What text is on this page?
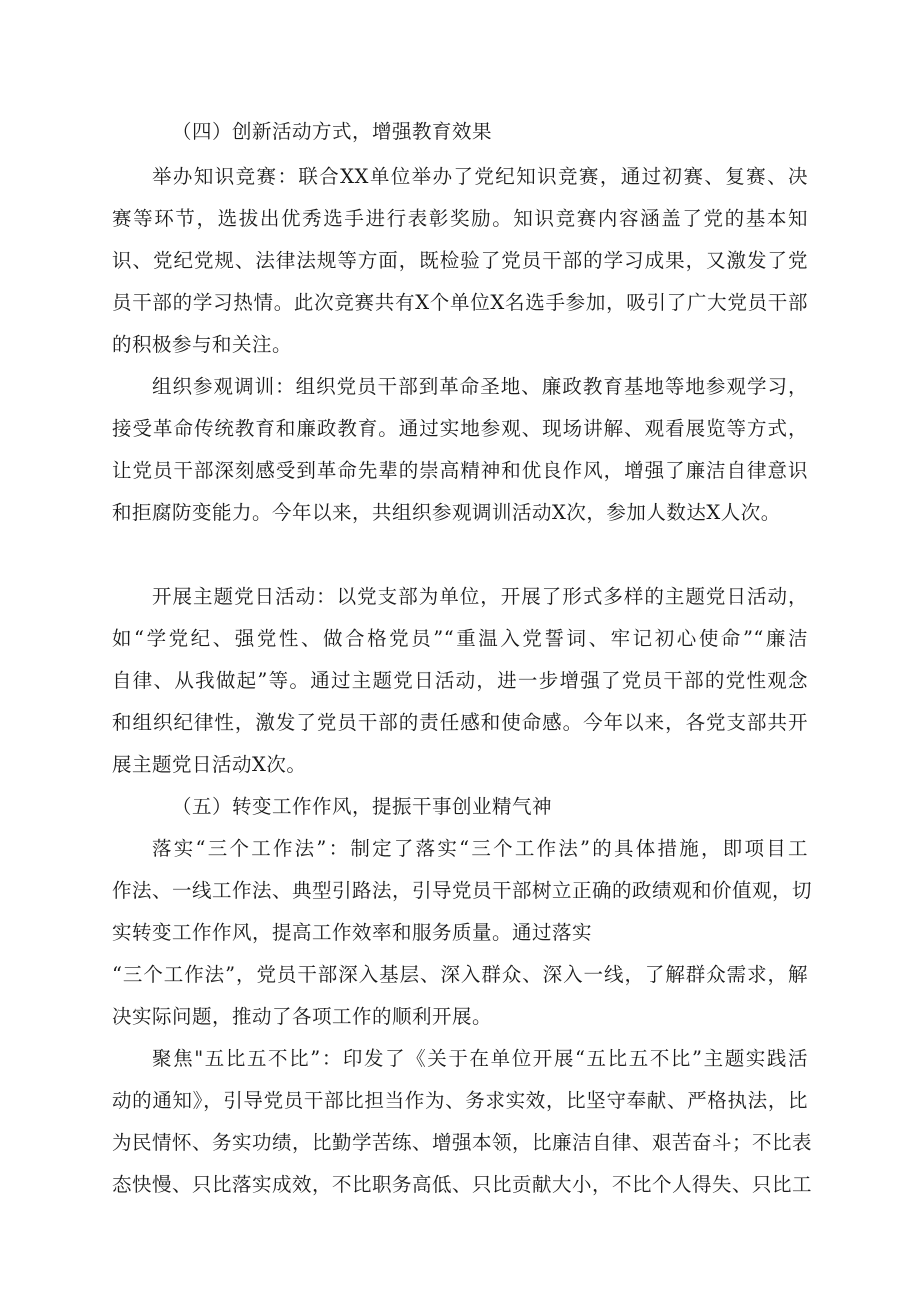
（四）创新活动方式，增强教育效果
举办知识竞赛：联合XX单位举办了党纪知识竞赛，通过初赛、复赛、决
赛等环节，选拔出优秀选手进行表彰奖励。知识竞赛内容涵盖了党的基本知
识、党纪党规、法律法规等方面，既检验了党员干部的学习成果，又激发了党
员干部的学习热情。此次竞赛共有X个单位X名选手参加，吸引了广大党员干部
的积极参与和关注。
组织参观调训：组织党员干部到革命圣地、廉政教育基地等地参观学习，
接受革命传统教育和廉政教育。通过实地参观、现场讲解、观看展览等方式，
让党员干部深刻感受到革命先辈的崇高精神和优良作风，增强了廉洁自律意识
和拒腐防变能力。今年以来，共组织参观调训活动X次，参加人数达X人次。
开展主题党日活动：以党支部为单位，开展了形式多样的主题党日活动，
如“学党纪、强党性、做合格党员”“重温入党誓词、牢记初心使命”“廉洁
自律、从我做起”等。通过主题党日活动，进一步增强了党员干部的党性观念
和组织纪律性，激发了党员干部的责任感和使命感。今年以来，各党支部共开
展主题党日活动X次。
（五）转变工作作风，提振干事创业精气神
落实“三个工作法”：制定了落实“三个工作法”的具体措施，即项目工
作法、一线工作法、典型引路法，引导党员干部树立正确的政绩观和价值观，切
实转变工作作风，提高工作效率和服务质量。通过落实
“三个工作法”，党员干部深入基层、深入群众、深入一线，了解群众需求，解
决实际问题，推动了各项工作的顺利开展。
聚焦"五比五不比”：印发了《关于在单位开展“五比五不比”主题实践活
动的通知》，引导党员干部比担当作为、务求实效，比坚守奉献、严格执法，比
为民情怀、务实功绩，比勤学苦练、增强本领，比廉洁自律、艰苦奋斗；不比表
态快慢、只比落实成效，不比职务高低、只比贡献大小，不比个人得失、只比工
